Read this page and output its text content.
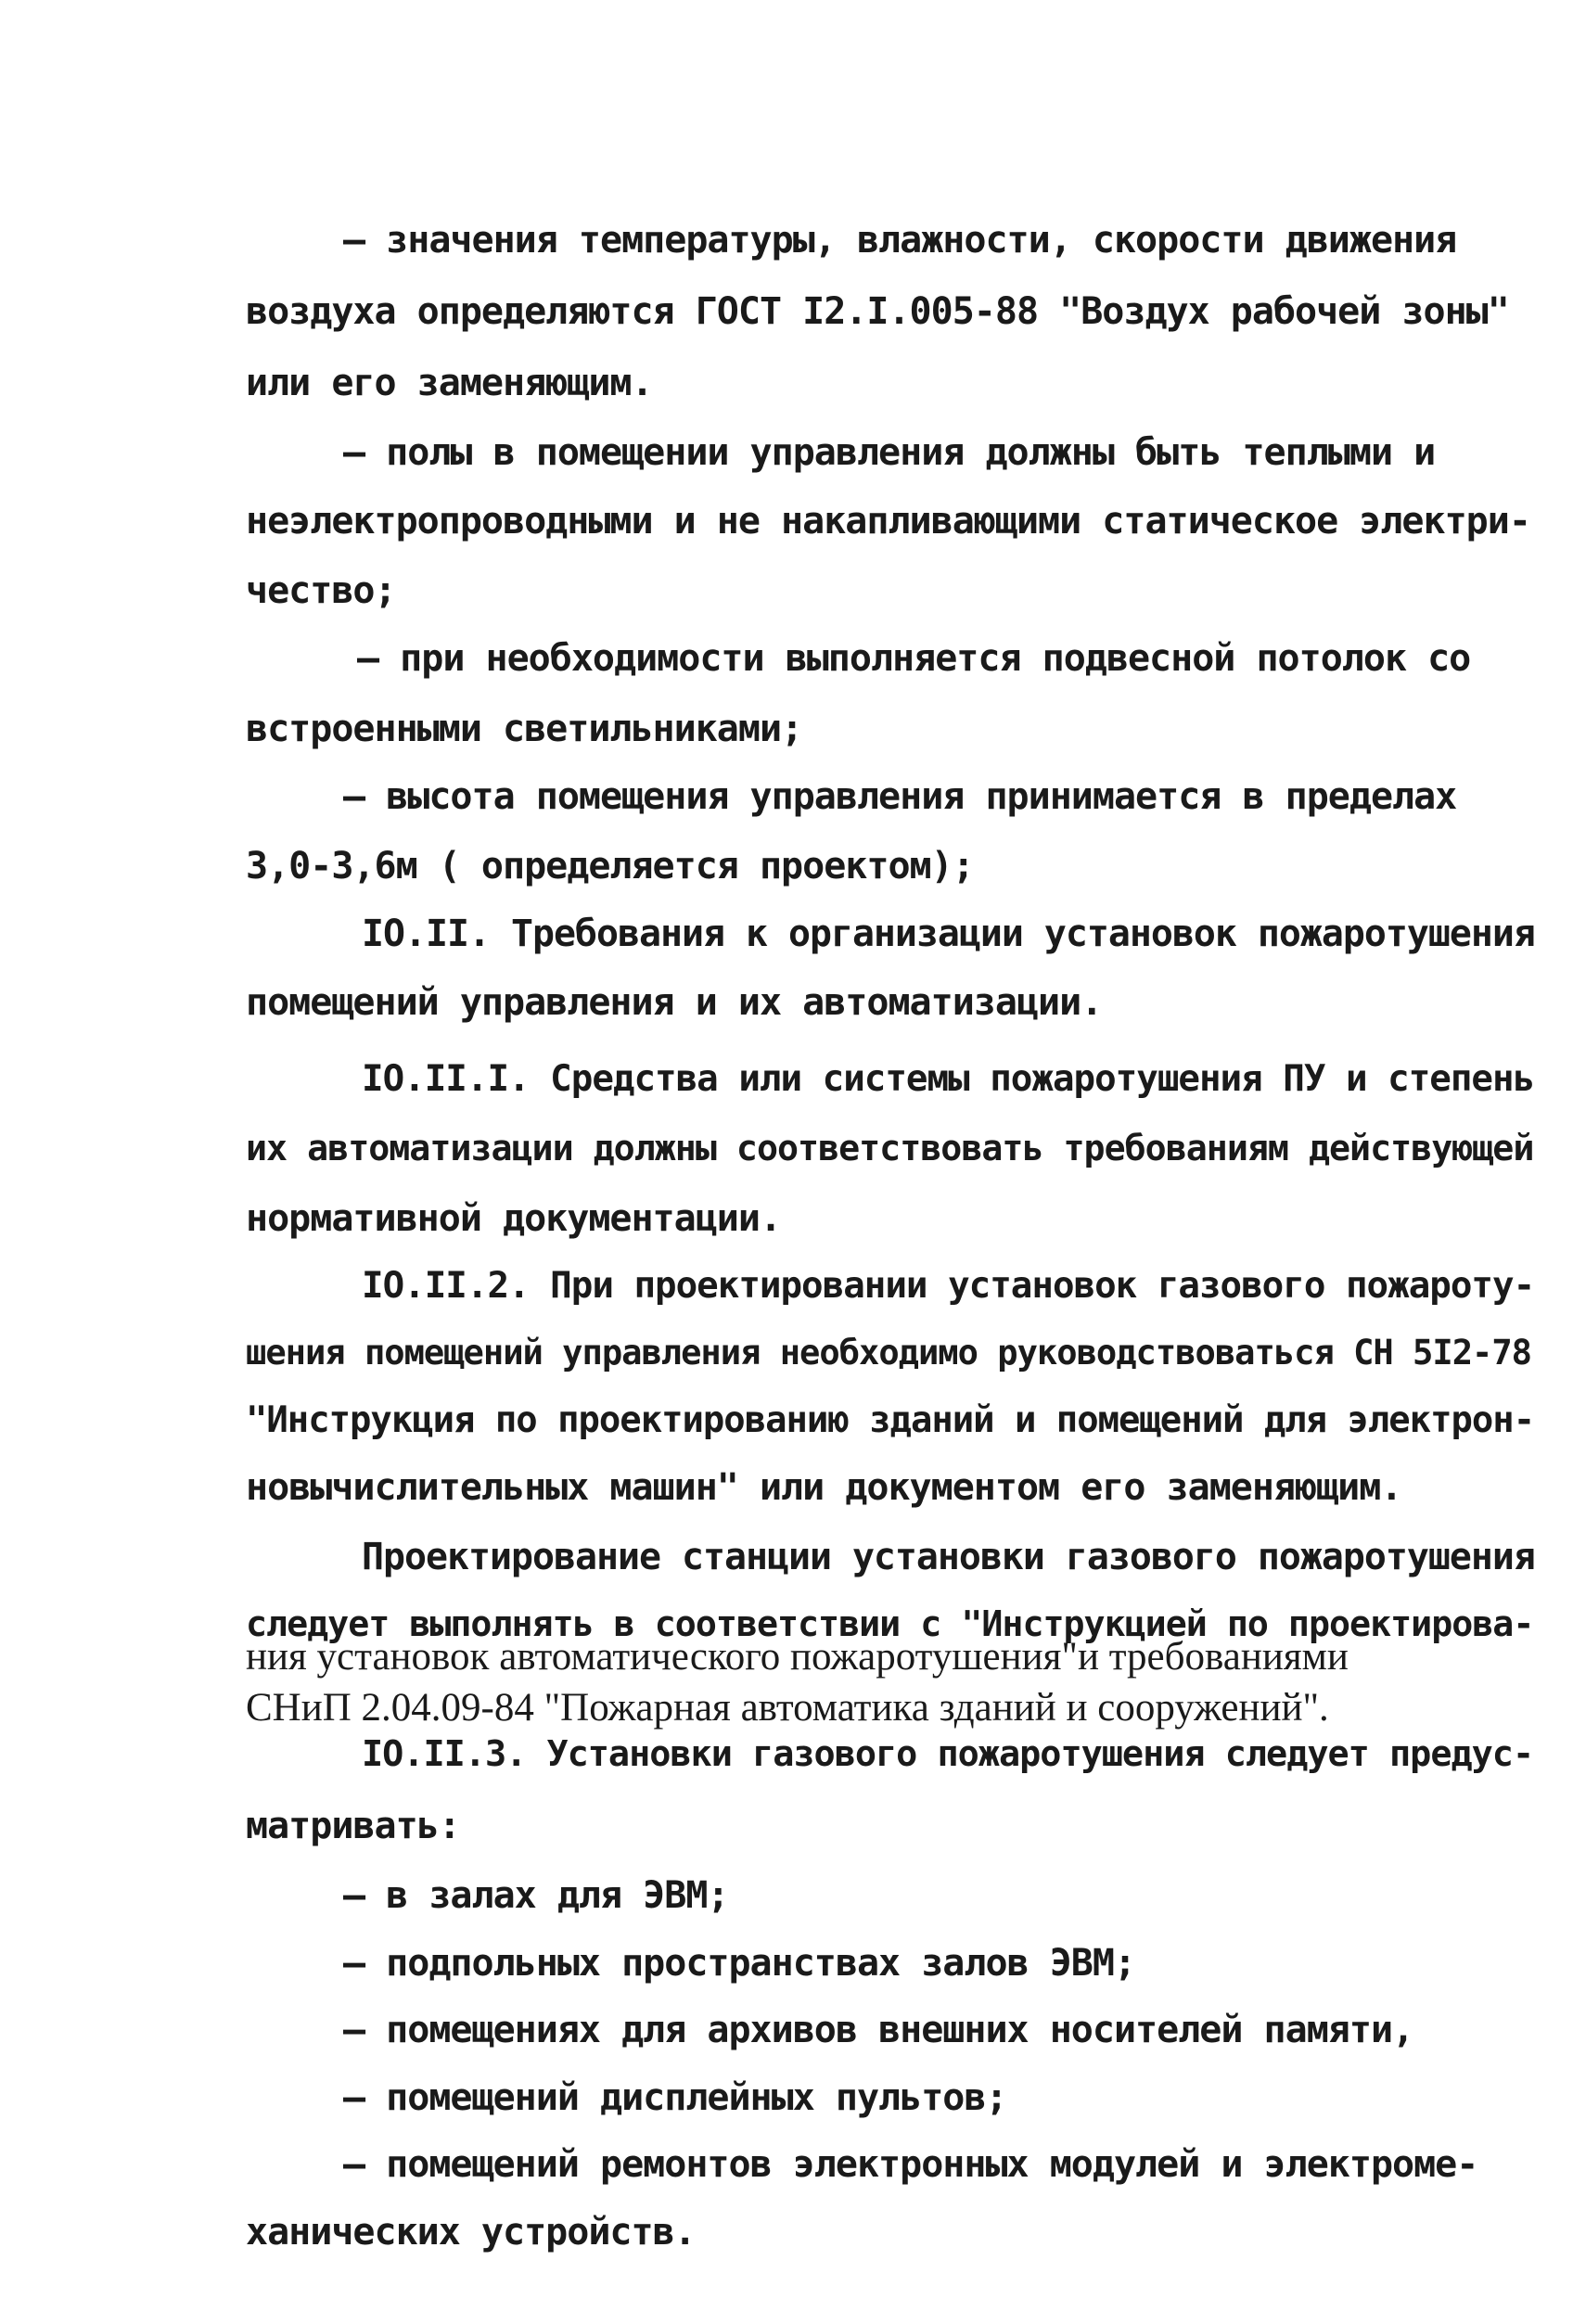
– значения температуры, влажности, скорости движения

воздуха определяются ГОСТ I2.I.005-88 "Воздух рабочей зоны"

или его заменяющим.

– полы в помещении управления должны быть теплыми и

неэлектропроводными и не накапливающими статическое электри-

чество;

– при необходимости выполняется подвесной потолок со

встроенными светильниками;

– высота помещения управления принимается в пределах

3,0-3,6м ( определяется проектом);

IO.II. Требования к организации установок пожаротушения

помещений управления и их автоматизации.

IO.II.I. Средства или системы пожаротушения ПУ и степень

их автоматизации должны соответствовать требованиям действующей

нормативной документации.

IO.II.2. При проектировании установок газового пожароту-

шения помещений управления необходимо руководствоваться СН 5I2-78

"Инструкция по проектированию зданий и помещений для электрон-

новычислительных машин" или документом его заменяющим.

Проектирование станции установки газового пожаротушения

следует выполнять в соответствии с "Инструкцией по проектирова-

ния установок автоматического пожаротушения"и требованиями

СНиП 2.04.09-84 "Пожарная автоматика зданий и сооружений".

IO.II.3. Установки газового пожаротушения следует предус-

матривать:

– в залах для ЭВМ;

– подпольных пространствах залов ЭВМ;

– помещениях для архивов внешних носителей памяти,

– помещений дисплейных пультов;

– помещений ремонтов электронных модулей и электроме-

ханических устройств.
